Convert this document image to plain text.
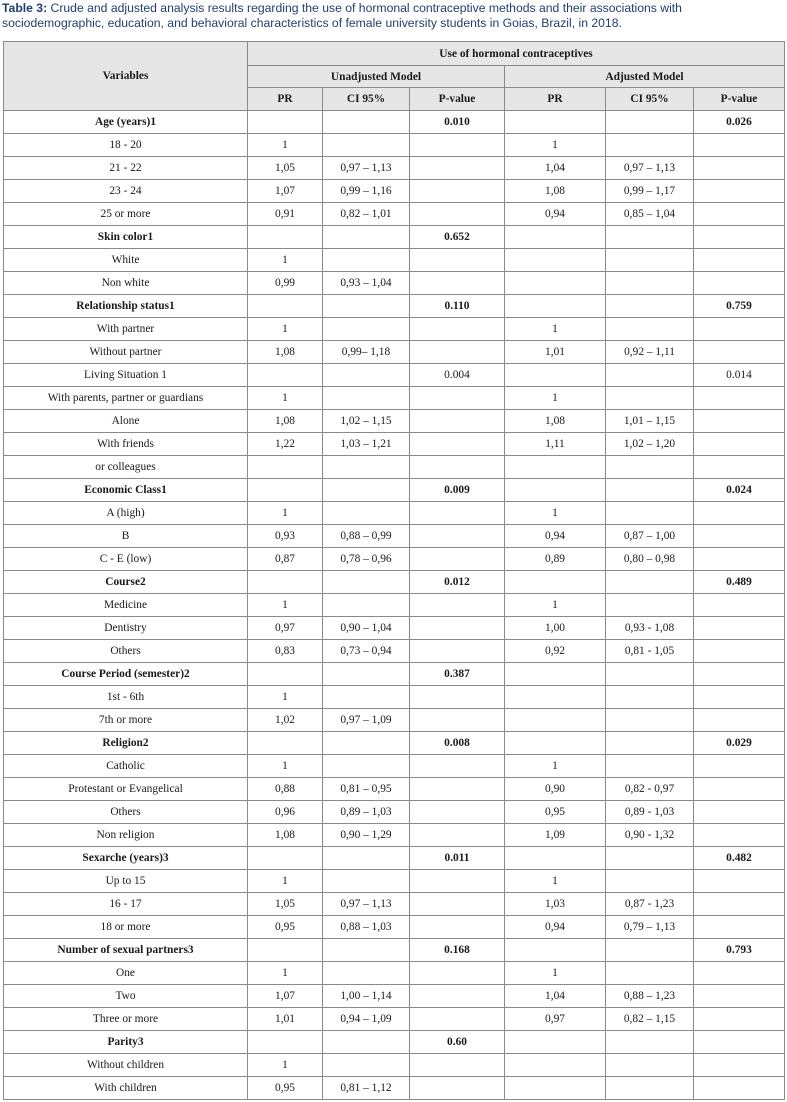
Table 3: Crude and adjusted analysis results regarding the use of hormonal contraceptive methods and their associations with sociodemographic, education, and behavioral characteristics of female university students in Goias, Brazil, in 2018.
Variables	Use of hormonal contraceptives					
	Unadjusted Model			Adjusted Model		
	PR	CI 95%	P-value	PR	CI 95%	P-value
Age (years)1			0.010			0.026
18 - 20	1			1		
21 - 22	1,05	0,97 – 1,13		1,04	0,97 – 1,13	
23 - 24	1,07	0,99 – 1,16		1,08	0,99 – 1,17	
25 or more	0,91	0,82 – 1,01		0,94	0,85 – 1,04	
Skin color1			0.652			
White	1					
Non white	0,99	0,93 – 1,04				
Relationship status1			0.110			0.759
With partner	1			1		
Without partner	1,08	0,99– 1,18		1,01	0,92 – 1,11	
Living Situation 1			0.004			0.014
With parents, partner or guardians	1			1		
Alone	1,08	1,02 – 1,15		1,08	1,01 – 1,15	
With friends	1,22	1,03 – 1,21		1,11	1,02 – 1,20	
or colleagues						
Economic Class1			0.009			0.024
A (high)	1			1		
B	0,93	0,88 – 0,99		0,94	0,87 – 1,00	
C - E (low)	0,87	0,78 – 0,96		0,89	0,80 – 0,98	
Course2			0.012			0.489
Medicine	1			1		
Dentistry	0,97	0,90 – 1,04		1,00	0,93 - 1,08	
Others	0,83	0,73 – 0,94		0,92	0,81 - 1,05	
Course Period (semester)2			0.387			
1st - 6th	1					
7th or more	1,02	0,97 – 1,09				
Religion2			0.008			0.029
Catholic	1			1		
Protestant or Evangelical	0,88	0,81 – 0,95		0,90	0,82 - 0,97	
Others	0,96	0,89 – 1,03		0,95	0,89 - 1,03	
Non religion	1,08	0,90 – 1,29		1,09	0,90 - 1,32	
Sexarche (years)3			0.011			0.482
Up to 15	1			1		
16 - 17	1,05	0,97 – 1,13		1,03	0,87 - 1,23	
18 or more	0,95	0,88 – 1,03		0,94	0,79 – 1,13	
Number of sexual partners3			0.168			0.793
One	1			1		
Two	1,07	1,00 – 1,14		1,04	0,88 – 1,23	
Three or more	1,01	0,94 – 1,09		0,97	0,82 – 1,15	
Parity3			0.60			
Without children	1					
With children	0,95	0,81 – 1,12				
